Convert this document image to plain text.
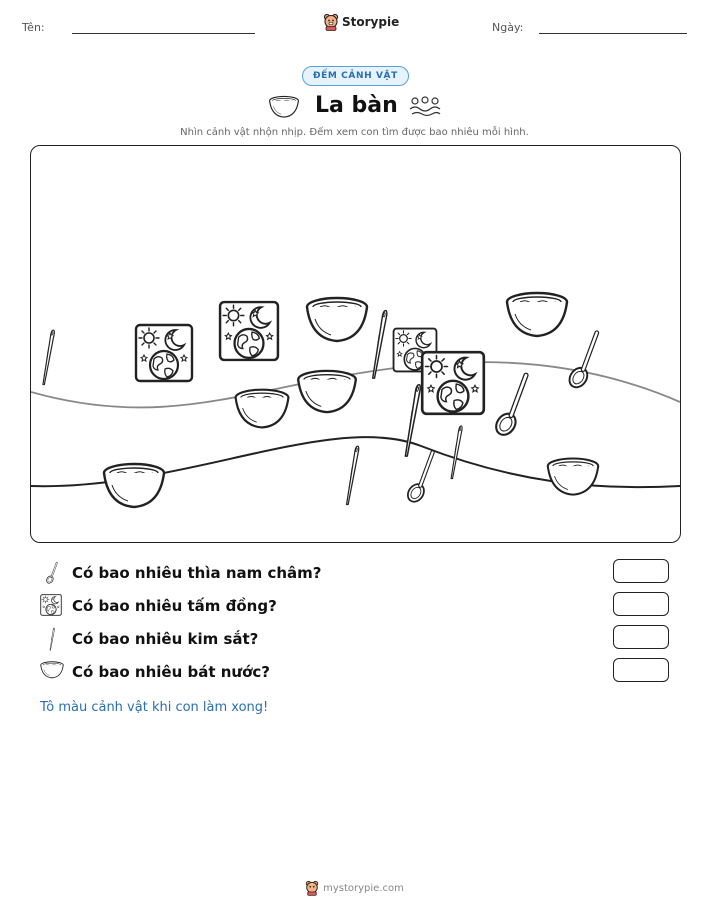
Tên:	Storypie	Ngày:
ĐẾM CẢNH VẬT
La bàn
Nhìn cảnh vật nhộn nhịp. Đếm xem con tìm được bao nhiêu mỗi hình.
Có bao nhiêu thìa nam châm?
Có bao nhiêu tấm đồng?
Có bao nhiêu kim sắt?
Có bao nhiêu bát nước?
Tô màu cảnh vật khi con làm xong!
mystorypie.com
